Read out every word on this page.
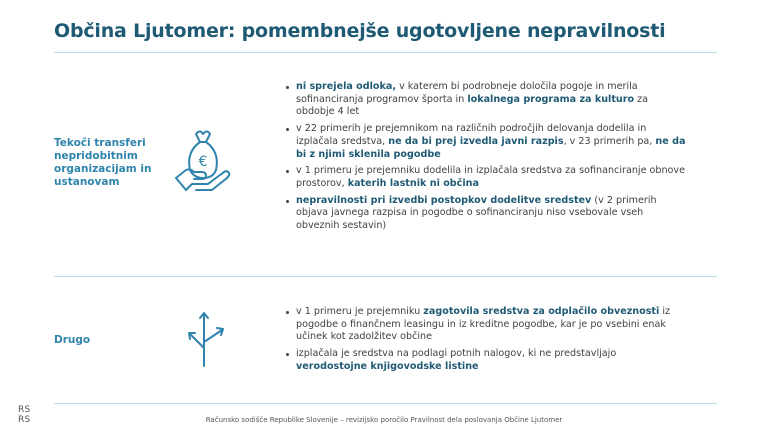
Občina Ljutomer: pomembnejše ugotovljene nepravilnosti
Tekoči transferi nepridobitnim organizacijam in ustanovam
€
ni sprejela odloka, v katerem bi podrobneje določila pogoje in merila sofinanciranja programov športa in lokalnega programa za kulturo za obdobje 4 let
v 22 primerih je prejemnikom na različnih področjih delovanja dodelila in izplačala sredstva, ne da bi prej izvedla javni razpis, v 23 primerih pa, ne da bi z njimi sklenila pogodbe
v 1 primeru je prejemniku dodelila in izplačala sredstva za sofinanciranje obnove prostorov, katerih lastnik ni občina
nepravilnosti pri izvedbi postopkov dodelitve sredstev (v 2 primerih objava javnega razpisa in pogodbe o sofinanciranju niso vsebovale vseh obveznih sestavin)
Drugo
v 1 primeru je prejemniku zagotovila sredstva za odplačilo obveznosti iz pogodbe o finančnem leasingu in iz kreditne pogodbe, kar je po vsebini enak učinek kot zadolžitev občine
izplačala je sredstva na podlagi potnih nalogov, ki ne predstavljajo verodostojne knjigovodske listine
RS
RS	Računsko sodišče Republike Slovenije – revizijsko poročilo Pravilnost dela poslovanja Občine Ljutomer
